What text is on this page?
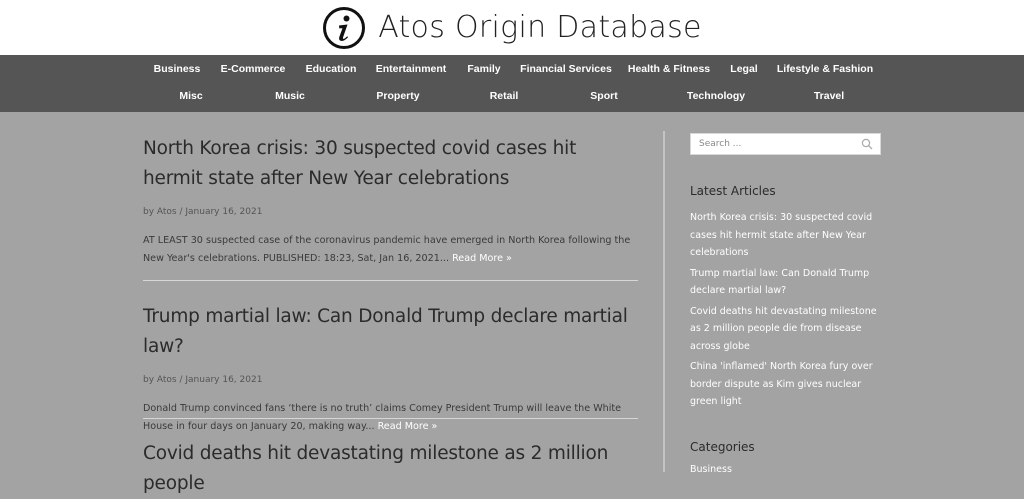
Atos Origin Database
Business E-Commerce Education Entertainment Family Financial Services Health & Fitness Legal Lifestyle & Fashion
Misc	Music	Property	Retail	Sport	Technology	Travel
North Korea crisis: 30 suspected covid cases hit hermit state after New Year celebrations
by Atos / January 16, 2021

AT LEAST 30 suspected case of the coronavirus pandemic have emerged in North Korea following the New Year's celebrations. PUBLISHED: 18:23, Sat, Jan 16, 2021... Read More »

Trump martial law: Can Donald Trump declare martial law?
by Atos / January 16, 2021

Donald Trump convinced fans ‘there is no truth’ claims Comey President Trump will leave the White House in four days on January 20, making way... Read More »

Covid deaths hit devastating milestone as 2 million people
Search ...
Latest Articles
North Korea crisis: 30 suspected covid cases hit hermit state after New Year celebrations
Trump martial law: Can Donald Trump declare martial law?
Covid deaths hit devastating milestone as 2 million people die from disease across globe
China 'inflamed' North Korea fury over border dispute as Kim gives nuclear green light
Categories
Business
